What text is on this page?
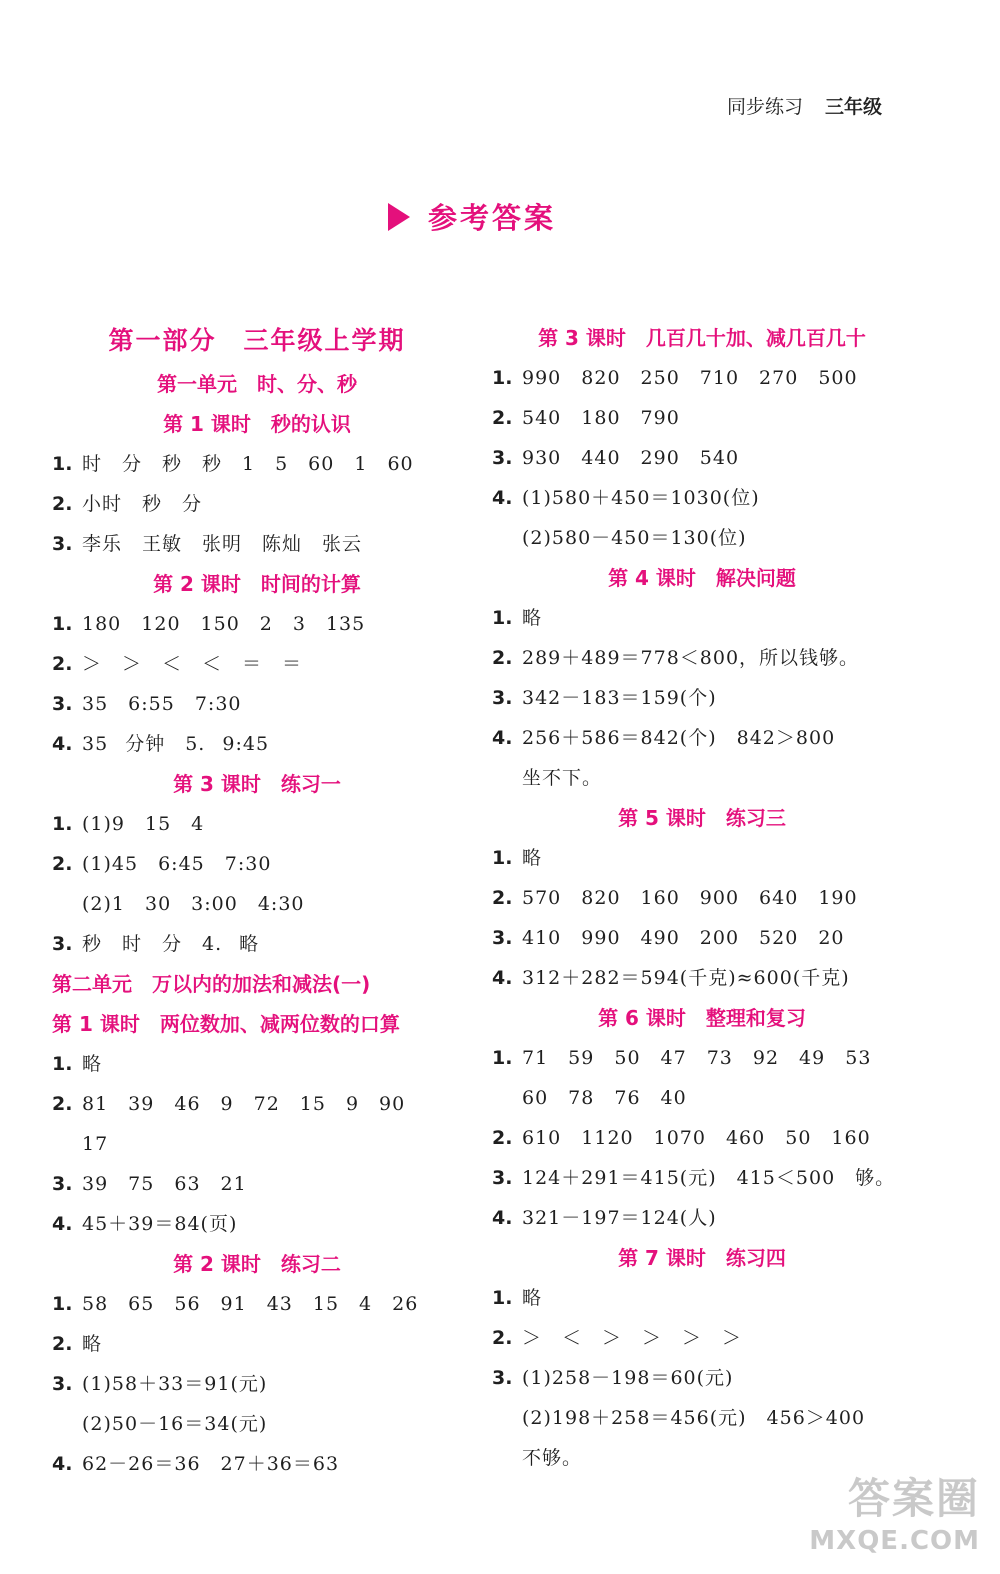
同步练习 三年级
参考答案
第一部分　三年级上学期
第一单元　时、分、秒
第 1 课时　秒的认识
1. 时　分　秒　秒　1　5　60　1　60
2. 小时　秒　分
3. 李乐　王敏　张明　陈灿　张云
第 2 课时　时间的计算
1. 180　120　150　2　3　135
2. ＞　＞　＜　＜　＝　＝
3. 35　6:55　7:30
4. 35 分钟　5. 9:45
第 3 课时　练习一
1. (1)9　15　4
2. (1)45　6:45　7:30
(2)1　30　3:00　4:30
3. 秒　时　分　4. 略
第二单元　万以内的加法和减法(一)
第 1 课时　两位数加、减两位数的口算
1. 略
2. 81　39　46　9　72　15　9　90
17
3. 39　75　63　21
4. 45＋39＝84(页)
第 2 课时　练习二
1. 58　65　56　91　43　15　4　26
2. 略
3. (1)58＋33＝91(元)
(2)50－16＝34(元)
4. 62－26＝36　27＋36＝63
第 3 课时　几百几十加、减几百几十
1. 990　820　250　710　270　500
2. 540　180　790
3. 930　440　290　540
4. (1)580＋450＝1030(位)
(2)580－450＝130(位)
第 4 课时　解决问题
1. 略
2. 289＋489＝778＜800，所以钱够。
3. 342－183＝159(个)
4. 256＋586＝842(个)　842＞800
坐不下。
第 5 课时　练习三
1. 略
2. 570　820　160　900　640　190
3. 410　990　490　200　520　20
4. 312＋282＝594(千克)≈600(千克)
第 6 课时　整理和复习
1. 71　59　50　47　73　92　49　53
60　78　76　40
2. 610　1120　1070　460　50　160
3. 124＋291＝415(元)　415＜500　够。
4. 321－197＝124(人)
第 7 课时　练习四
1. 略
2. ＞　＜　＞　＞　＞　＞
3. (1)258－198＝60(元)
(2)198＋258＝456(元)　456＞400
不够。
答案圈
MXQE.COM
